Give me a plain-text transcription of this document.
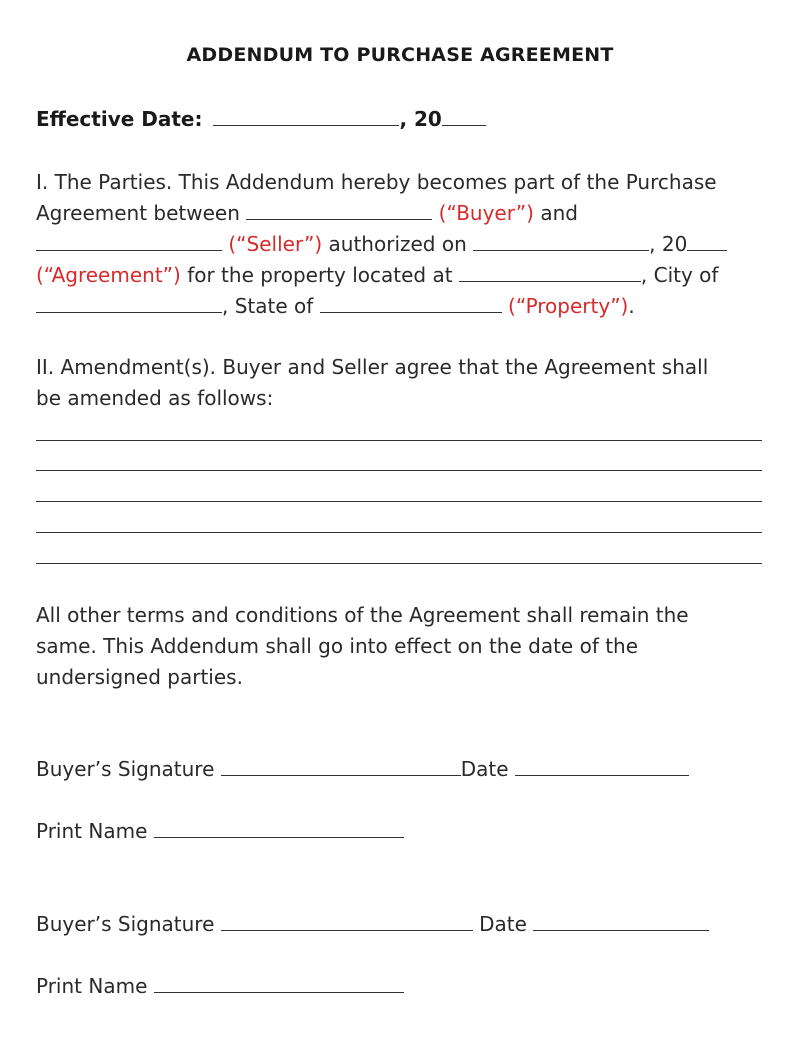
ADDENDUM TO PURCHASE AGREEMENT
Effective Date:	, 20
I. The Parties. This Addendum hereby becomes part of the Purchase
Agreement between	(“Buyer”) and
(“Seller”) authorized on	, 20
(“Agreement”) for the property located at	, City of
, State of	(“Property”).
II. Amendment(s). Buyer and Seller agree that the Agreement shall
be amended as follows:
All other terms and conditions of the Agreement shall remain the
same. This Addendum shall go into effect on the date of the
undersigned parties.
Buyer’s Signature	Date
Print Name
Buyer’s Signature	Date
Print Name
